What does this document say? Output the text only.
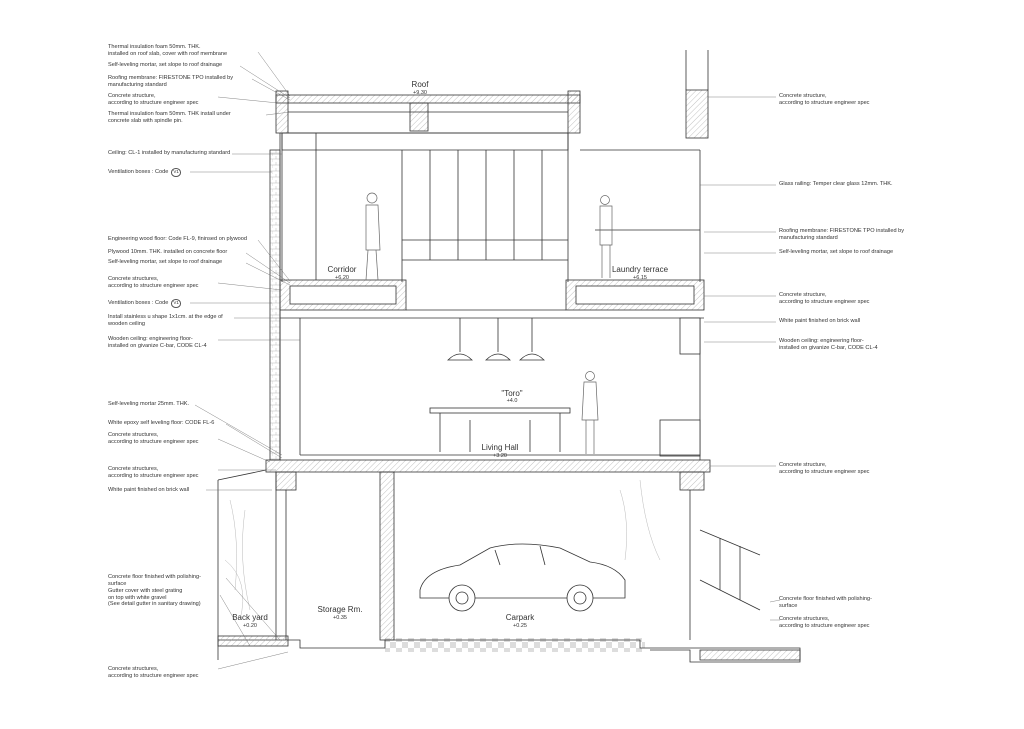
Roof
+9.30
Corridor
+6.20
Laundry terrace
+6.15
"Toro"
+4.0
Living Hall
+3.20
Back yard
+0.20
Storage Rm.
+0.35	Carpark
+0.25
Thermal insulation foam 50mm. THK.
installed on roof slab, cover with roof membrane
Self-leveling mortar, set slope to roof drainage
Roofing membrane: FIRESTONE TPO installed by
manufacturing standard
Concrete structure,
according to structure engineer spec
Thermal insulation foam 50mm. THK install under
concrete slab with spindle pin.
Ceiling: CL-1 installed by manufacturing standard
Ventilation boxes : Code V1
Engineering wood floor: Code FL-9, fininsed on plywood
Plywood 10mm. THK. installed on concrete floor
Self-leveling mortar, set slope to roof drainage
Concrete structures,
according to structure engineer spec
Ventilation boxes : Code V1
Install stainless u shape 1x1cm. at the edge of
wooden ceiling
Wooden ceiling: engineering floor-
installed on givanize C-bar, CODE CL-4
Self-leveling mortar 25mm. THK.
White epoxy self leveling floor: CODE FL-6
Concrete structures,
according to structure engineer spec
Concrete structures,
according to structure engineer spec
White paint finished on brick wall
Concrete floor finished with polishing-
surface
Gutter cover with steel grating
on top with white gravel
(See detail gutter in sanitary drawing)
Concrete structures,
according to structure engineer spec
Concrete structure,
according to structure engineer spec
Glass railing: Temper clear glass 12mm. THK.
Roofing membrane: FIRESTONE TPO installed by
manufacturing standard
Self-leveling mortar, set slope to roof drainage
Concrete structure,
according to structure engineer spec
White paint finished on brick wall
Wooden ceiling: engineering floor-
installed on givanize C-bar, CODE CL-4
Concrete structure,
according to structure engineer spec
Concrete floor finished with polishing-
surface
Concrete structures,
according to structure engineer spec
